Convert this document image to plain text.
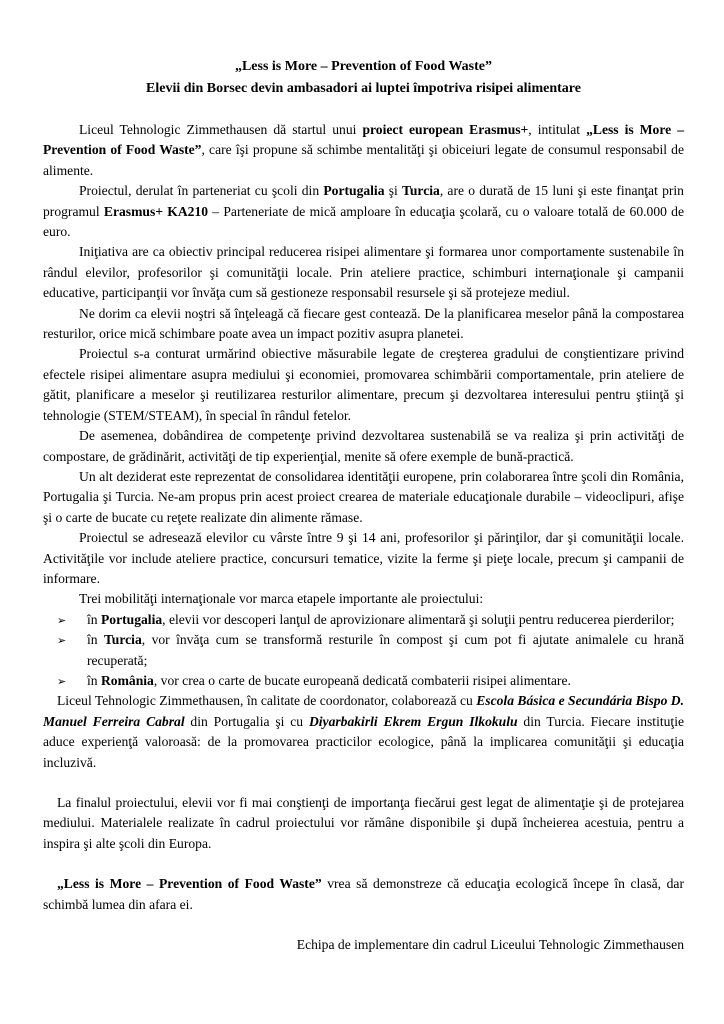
„Less is More – Prevention of Food Waste”

Elevii din Borsec devin ambasadori ai luptei împotriva risipei alimentare

Liceul Tehnologic Zimmethausen dă startul unui proiect european Erasmus+, intitulat „Less is More – Prevention of Food Waste”, care îşi propune să schimbe mentalităţi şi obiceiuri legate de consumul responsabil de alimente.

Proiectul, derulat în parteneriat cu şcoli din Portugalia şi Turcia, are o durată de 15 luni şi este finanţat prin programul Erasmus+ KA210 – Parteneriate de mică amploare în educaţia şcolară, cu o valoare totală de 60.000 de euro.

Iniţiativa are ca obiectiv principal reducerea risipei alimentare şi formarea unor comportamente sustenabile în rândul elevilor, profesorilor şi comunităţii locale. Prin ateliere practice, schimburi internaţionale şi campanii educative, participanţii vor învăţa cum să gestioneze responsabil resursele şi să protejeze mediul.

Ne dorim ca elevii noştri să înţeleagă că fiecare gest contează. De la planificarea meselor până la compostarea resturilor, orice mică schimbare poate avea un impact pozitiv asupra planetei.

Proiectul s-a conturat urmărind obiective măsurabile legate de creşterea gradului de conştientizare privind efectele risipei alimentare asupra mediului şi economiei, promovarea schimbării comportamentale, prin ateliere de gătit, planificare a meselor şi reutilizarea resturilor alimentare, precum şi dezvoltarea interesului pentru ştiinţă şi tehnologie (STEM/STEAM), în special în rândul fetelor.

De asemenea, dobândirea de competenţe privind dezvoltarea sustenabilă se va realiza şi prin activităţi de compostare, de grădinărit, activităţi de tip experienţial, menite să ofere exemple de bună-practică.

Un alt deziderat este reprezentat de consolidarea identităţii europene, prin colaborarea între şcoli din România, Portugalia şi Turcia. Ne-am propus prin acest proiect crearea de materiale educaţionale durabile – videoclipuri, afişe şi o carte de bucate cu reţete realizate din alimente rămase.

Proiectul se adresează elevilor cu vârste între 9 şi 14 ani, profesorilor şi părinţilor, dar şi comunităţii locale. Activităţile vor include ateliere practice, concursuri tematice, vizite la ferme şi pieţe locale, precum şi campanii de informare.

Trei mobilităţi internaţionale vor marca etapele importante ale proiectului:

➢ în Portugalia, elevii vor descoperi lanţul de aprovizionare alimentară şi soluţii pentru reducerea pierderilor;

➢ în Turcia, vor învăţa cum se transformă resturile în compost şi cum pot fi ajutate animalele cu hrană recuperată;

➢ în România, vor crea o carte de bucate europeană dedicată combaterii risipei alimentare.

Liceul Tehnologic Zimmethausen, în calitate de coordonator, colaborează cu Escola Básica e Secundária Bispo D. Manuel Ferreira Cabral din Portugalia şi cu Diyarbakirli Ekrem Ergun Ilkokulu din Turcia. Fiecare instituţie aduce experienţă valoroasă: de la promovarea practicilor ecologice, până la implicarea comunităţii şi educaţia incluzivă.

La finalul proiectului, elevii vor fi mai conştienţi de importanţa fiecărui gest legat de alimentaţie şi de protejarea mediului. Materialele realizate în cadrul proiectului vor rămâne disponibile şi după încheierea acestuia, pentru a inspira şi alte şcoli din Europa.

„Less is More – Prevention of Food Waste” vrea să demonstreze că educaţia ecologică începe în clasă, dar schimbă lumea din afara ei.

Echipa de implementare din cadrul Liceului Tehnologic Zimmethausen
